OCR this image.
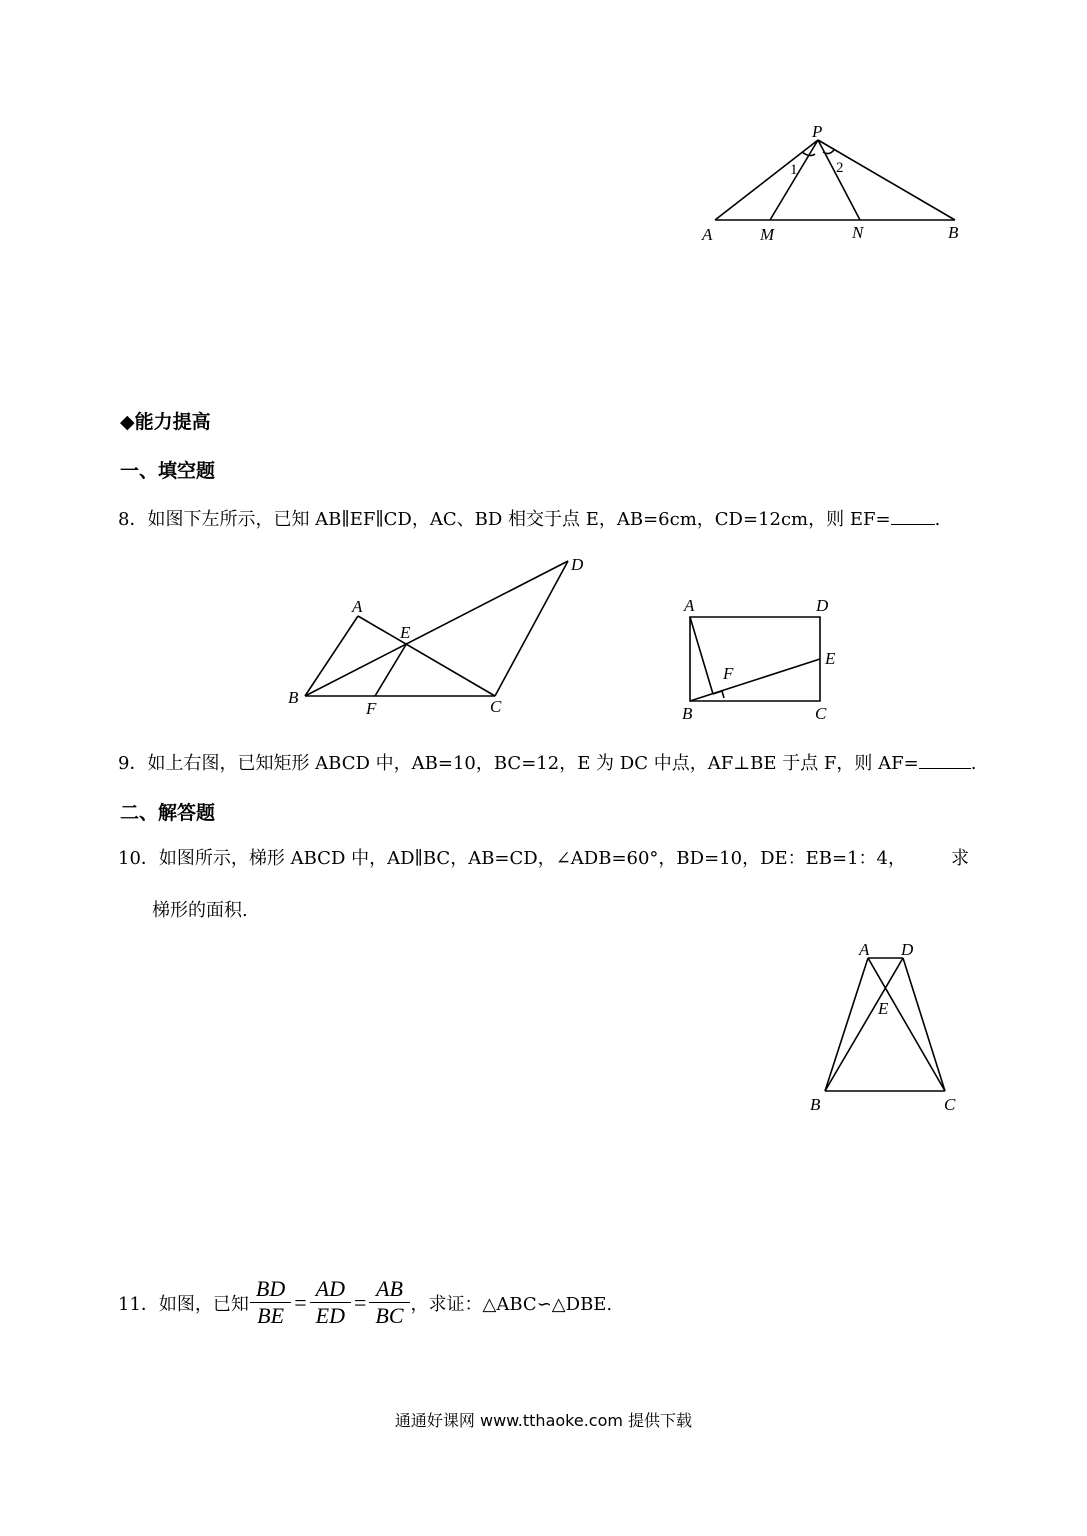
P
A	M	N	B
1	2
◆能力提高
一、填空题

8．如图下左所示，已知 AB∥EF∥CD，AC、BD 相交于点 E，AB=6cm，CD=12cm，则 EF= .

A
E
D
B
F	C
A	D
E
F
B	C

9．如上右图，已知矩形 ABCD 中，AB=10，BC=12，E 为 DC 中点，AF⊥BE 于点 F，则 AF=	.

二、解答题

10．如图所示，梯形 ABCD 中，AD∥BC，AB=CD，∠ADB=60°，BD=10，DE：EB=1：4，	求

梯形的面积.

A D
E
B	C
11．如图，已知 $\frac{BD}{BE} = \frac{AD}{ED} = \frac{AB}{BC}$ ，求证：△ABC∽△DBE.
通通好课网 www.tthaoke.com 提供下载
